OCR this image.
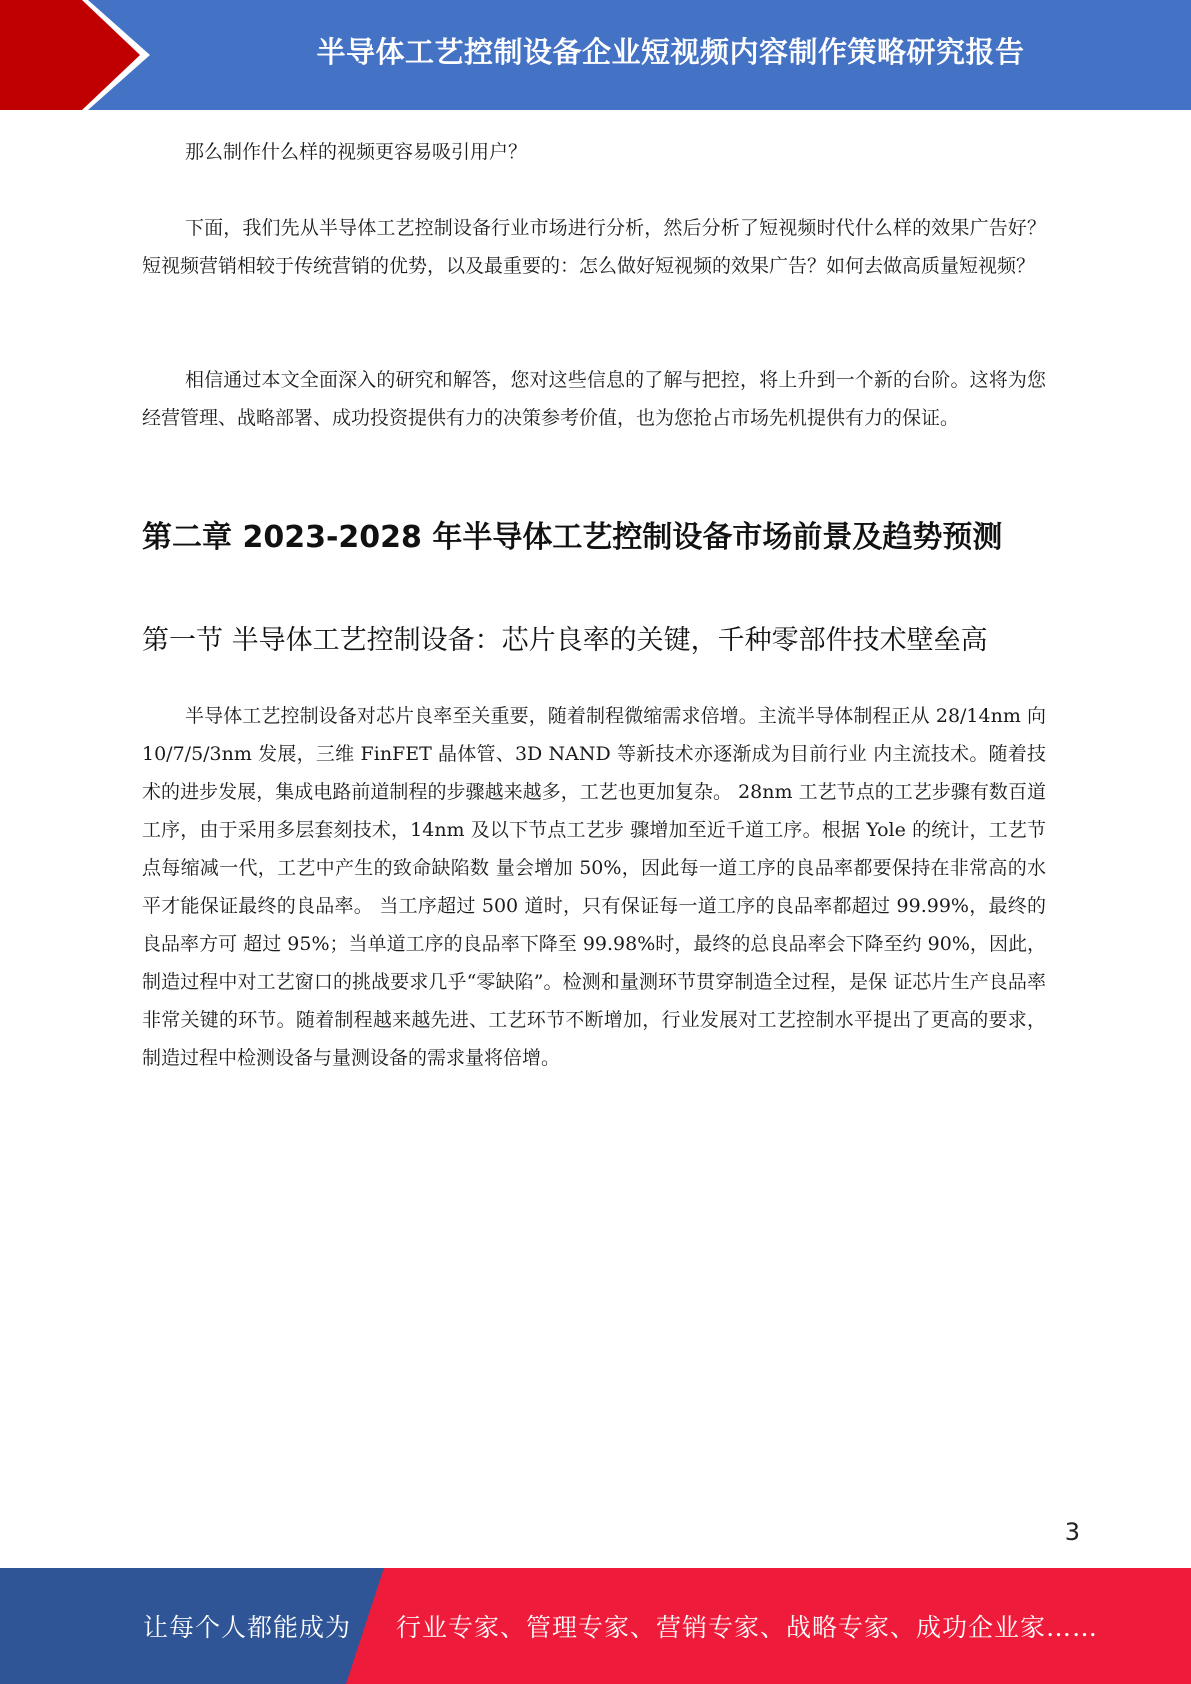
半导体工艺控制设备企业短视频内容制作策略研究报告

那么制作什么样的视频更容易吸引用户？

下面，我们先从半导体工艺控制设备行业市场进行分析，然后分析了短视频时代什么样的效果广告好？短视频营销相较于传统营销的优势，以及最重要的：怎么做好短视频的效果广告？如何去做高质量短视频？

相信通过本文全面深入的研究和解答，您对这些信息的了解与把控，将上升到一个新的台阶。这将为您经营管理、战略部署、成功投资提供有力的决策参考价值，也为您抢占市场先机提供有力的保证。

第二章 2023-2028 年半导体工艺控制设备市场前景及趋势预测
第一节 半导体工艺控制设备：芯片良率的关键，千种零部件技术壁垒高

半导体工艺控制设备对芯片良率至关重要，随着制程微缩需求倍增。主流半导体制程正从 28/14nm 向 10/7/5/3nm 发展，三维 FinFET 晶体管、3D NAND 等新技术亦逐渐成为目前行业 内主流技术。随着技术的进步发展，集成电路前道制程的步骤越来越多，工艺也更加复杂。 28nm 工艺节点的工艺步骤有数百道工序，由于采用多层套刻技术，14nm 及以下节点工艺步 骤增加至近千道工序。根据 Yole 的统计，工艺节点每缩减一代，工艺中产生的致命缺陷数 量会增加 50%，因此每一道工序的良品率都要保持在非常高的水平才能保证最终的良品率。 当工序超过 500 道时，只有保证每一道工序的良品率都超过 99.99%，最终的良品率方可 超过 95%；当单道工序的良品率下降至 99.98%时，最终的总良品率会下降至约 90%，因此， 制造过程中对工艺窗口的挑战要求几乎“零缺陷”。检测和量测环节贯穿制造全过程，是保 证芯片生产良品率非常关键的环节。随着制程越来越先进、工艺环节不断增加，行业发展对工艺控制水平提出了更高的要求，制造过程中检测设备与量测设备的需求量将倍增。

3
让每个人都能成为 行业专家、管理专家、营销专家、战略专家、成功企业家……
